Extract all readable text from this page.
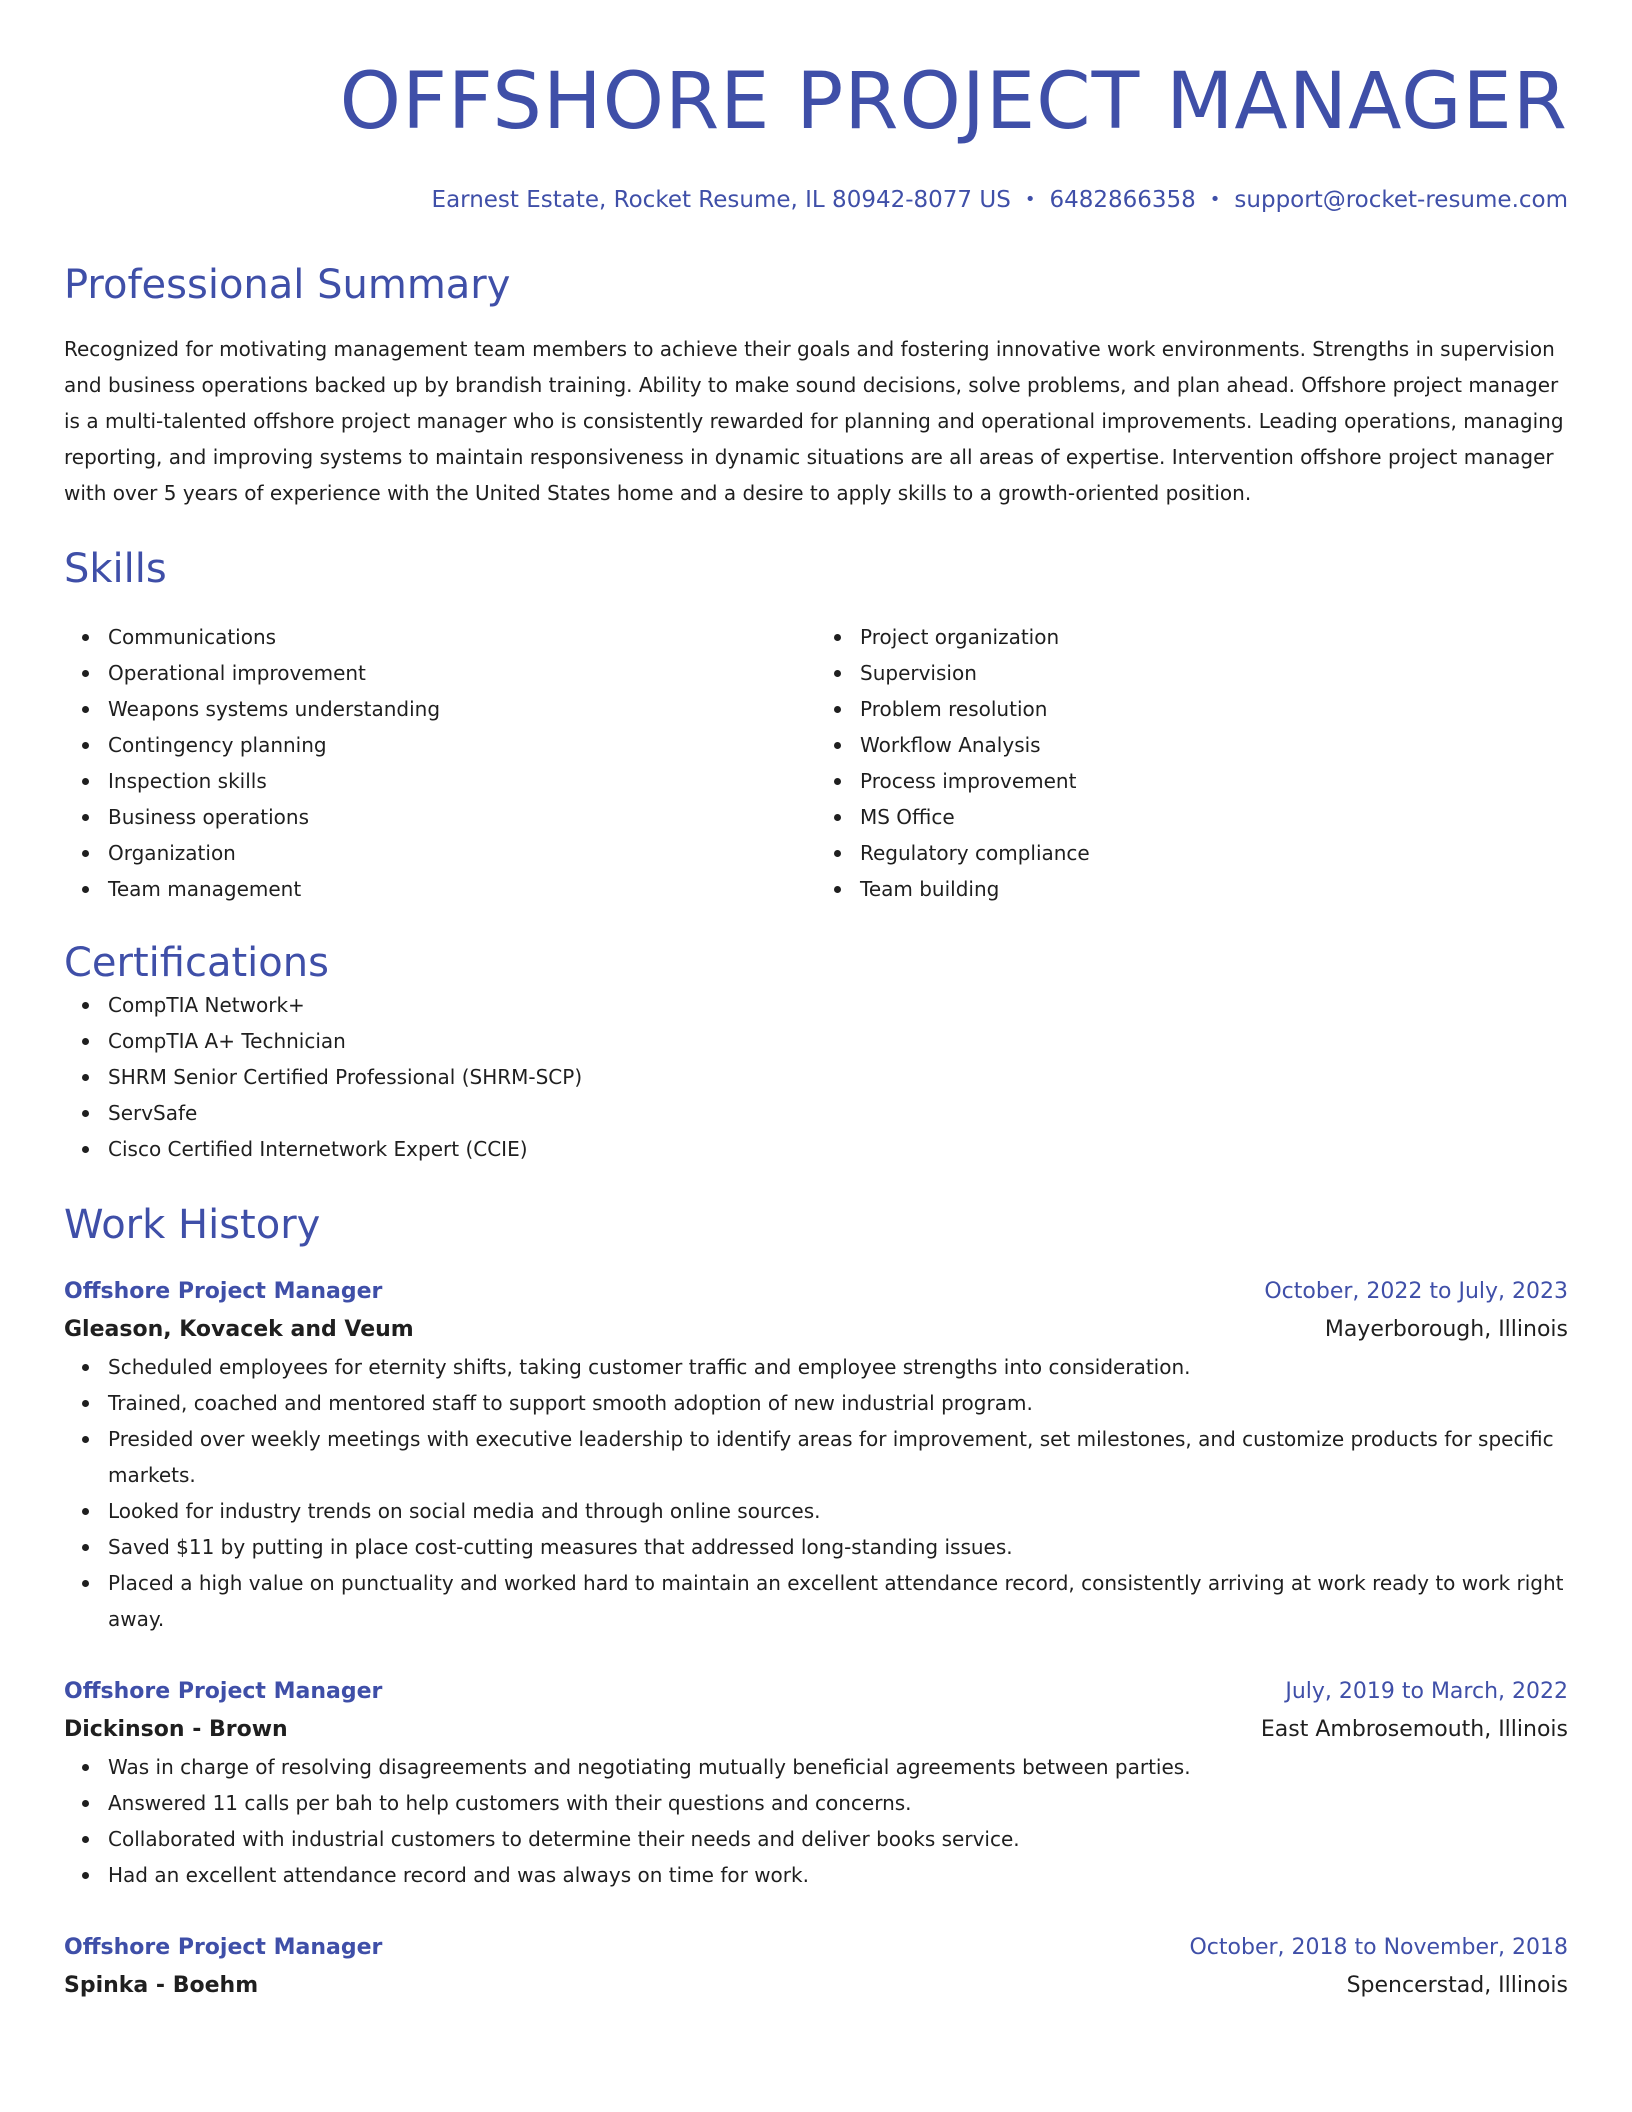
OFFSHORE PROJECT MANAGER
Earnest Estate, Rocket Resume, IL 80942-8077 US • 6482866358 • support@rocket-resume.com
Professional Summary
Recognized for motivating management team members to achieve their goals and fostering innovative work environments. Strengths in supervision and business operations backed up by brandish training. Ability to make sound decisions, solve problems, and plan ahead. Offshore project manager is a multi-talented offshore project manager who is consistently rewarded for planning and operational improvements. Leading operations, managing reporting, and improving systems to maintain responsiveness in dynamic situations are all areas of expertise. Intervention offshore project manager with over 5 years of experience with the United States home and a desire to apply skills to a growth-oriented position.
Skills
Communications
Operational improvement
Weapons systems understanding
Contingency planning
Inspection skills
Business operations
Organization
Team management
Project organization
Supervision
Problem resolution
Workflow Analysis
Process improvement
MS Office
Regulatory compliance
Team building
Certifications
CompTIA Network+
CompTIA A+ Technician
SHRM Senior Certified Professional (SHRM-SCP)
ServSafe
Cisco Certified Internetwork Expert (CCIE)
Work History
Offshore Project Manager	October, 2022 to July, 2023
Gleason, Kovacek and Veum	Mayerborough, Illinois
Scheduled employees for eternity shifts, taking customer traffic and employee strengths into consideration.
Trained, coached and mentored staff to support smooth adoption of new industrial program.
Presided over weekly meetings with executive leadership to identify areas for improvement, set milestones, and customize products for specific markets.
Looked for industry trends on social media and through online sources.
Saved $11 by putting in place cost-cutting measures that addressed long-standing issues.
Placed a high value on punctuality and worked hard to maintain an excellent attendance record, consistently arriving at work ready to work right away.
Offshore Project Manager	July, 2019 to March, 2022
Dickinson - Brown	East Ambrosemouth, Illinois
Was in charge of resolving disagreements and negotiating mutually beneficial agreements between parties.
Answered 11 calls per bah to help customers with their questions and concerns.
Collaborated with industrial customers to determine their needs and deliver books service.
Had an excellent attendance record and was always on time for work.
Offshore Project Manager	October, 2018 to November, 2018
Spinka - Boehm	Spencerstad, Illinois
